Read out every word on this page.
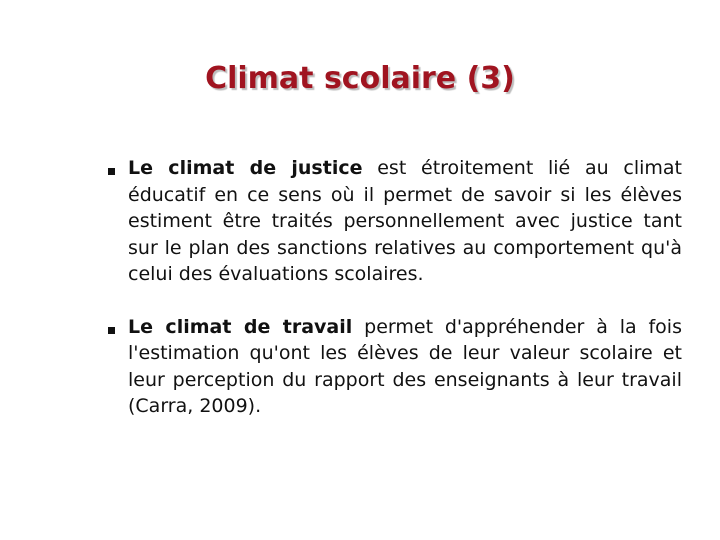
Climat scolaire (3)
Le climat de justice est étroitement lié au climat éducatif en ce sens où il permet de savoir si les élèves estiment être traités personnellement avec justice tant sur le plan des sanctions relatives au comportement qu'à celui des évaluations scolaires.
Le climat de travail permet d'appréhender à la fois l'estimation qu'ont les élèves de leur valeur scolaire et leur perception du rapport des enseignants à leur travail (Carra, 2009).
